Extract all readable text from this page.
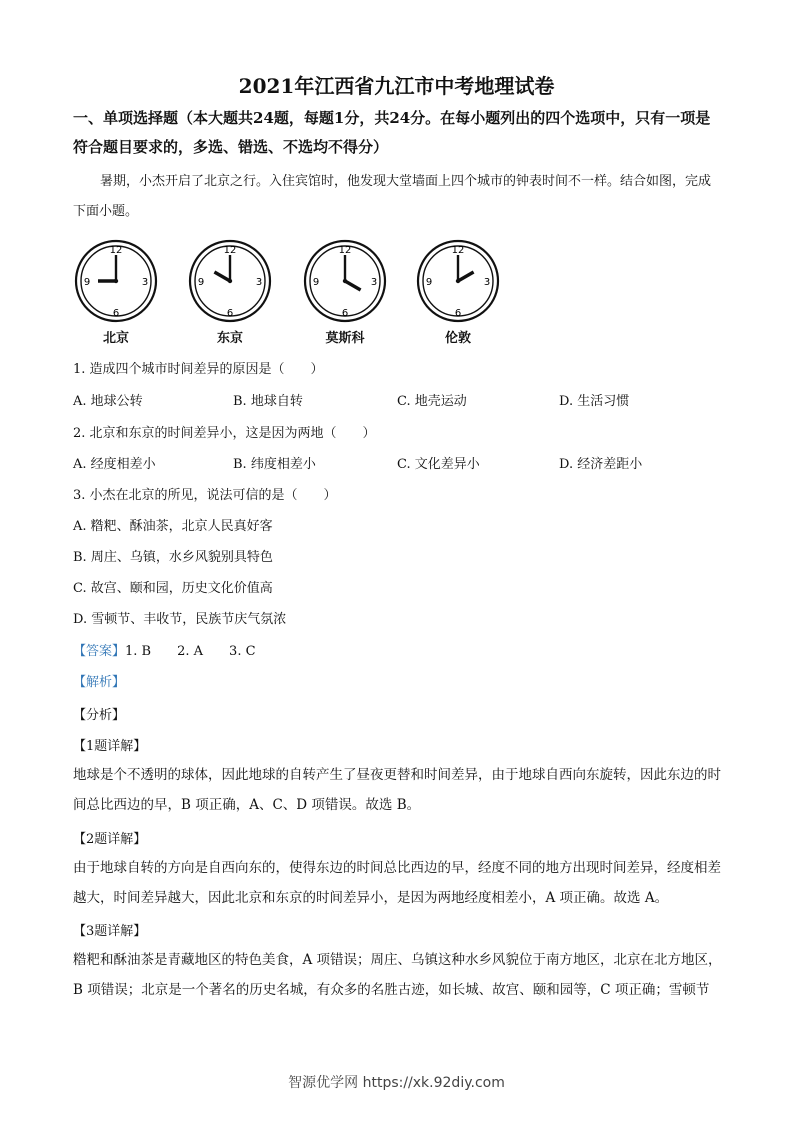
2021年江西省九江市中考地理试卷
一、单项选择题（本大题共24题，每题1分，共24分。在每小题列出的四个选项中，只有一项是符合题目要求的，多选、错选、不选均不得分）
暑期，小杰开启了北京之行。入住宾馆时，他发现大堂墙面上四个城市的钟表时间不一样。结合如图，完成下面小题。
12
3
6
9
北京
12
3
6
9
东京
12
3
6
9
莫斯科
12
3
6
9
伦敦
1. 造成四个城市时间差异的原因是（　　）
A. 地球公转	B. 地球自转	C. 地壳运动	D. 生活习惯
2. 北京和东京的时间差异小，这是因为两地（　　）
A. 经度相差小	B. 纬度相差小	C. 文化差异小	D. 经济差距小
3. 小杰在北京的所见，说法可信的是（　　）
A. 糌粑、酥油茶，北京人民真好客
B. 周庄、乌镇，水乡风貌别具特色
C. 故宫、颐和园，历史文化价值高
D. 雪顿节、丰收节，民族节庆气氛浓
【答案】1. B 2. A 3. C
【解析】
【分析】
【1题详解】
地球是个不透明的球体，因此地球的自转产生了昼夜更替和时间差异，由于地球自西向东旋转，因此东边的时间总比西边的早，B 项正确，A、C、D 项错误。故选 B。
【2题详解】
由于地球自转的方向是自西向东的，使得东边的时间总比西边的早，经度不同的地方出现时间差异，经度相差越大，时间差异越大，因此北京和东京的时间差异小，是因为两地经度相差小，A 项正确。故选 A。
【3题详解】
糌粑和酥油茶是青藏地区的特色美食，A 项错误；周庄、乌镇这种水乡风貌位于南方地区，北京在北方地区，B 项错误；北京是一个著名的历史名城，有众多的名胜古迹，如长城、故宫、颐和园等，C 项正确；雪顿节
智源优学网 https://xk.92diy.com
